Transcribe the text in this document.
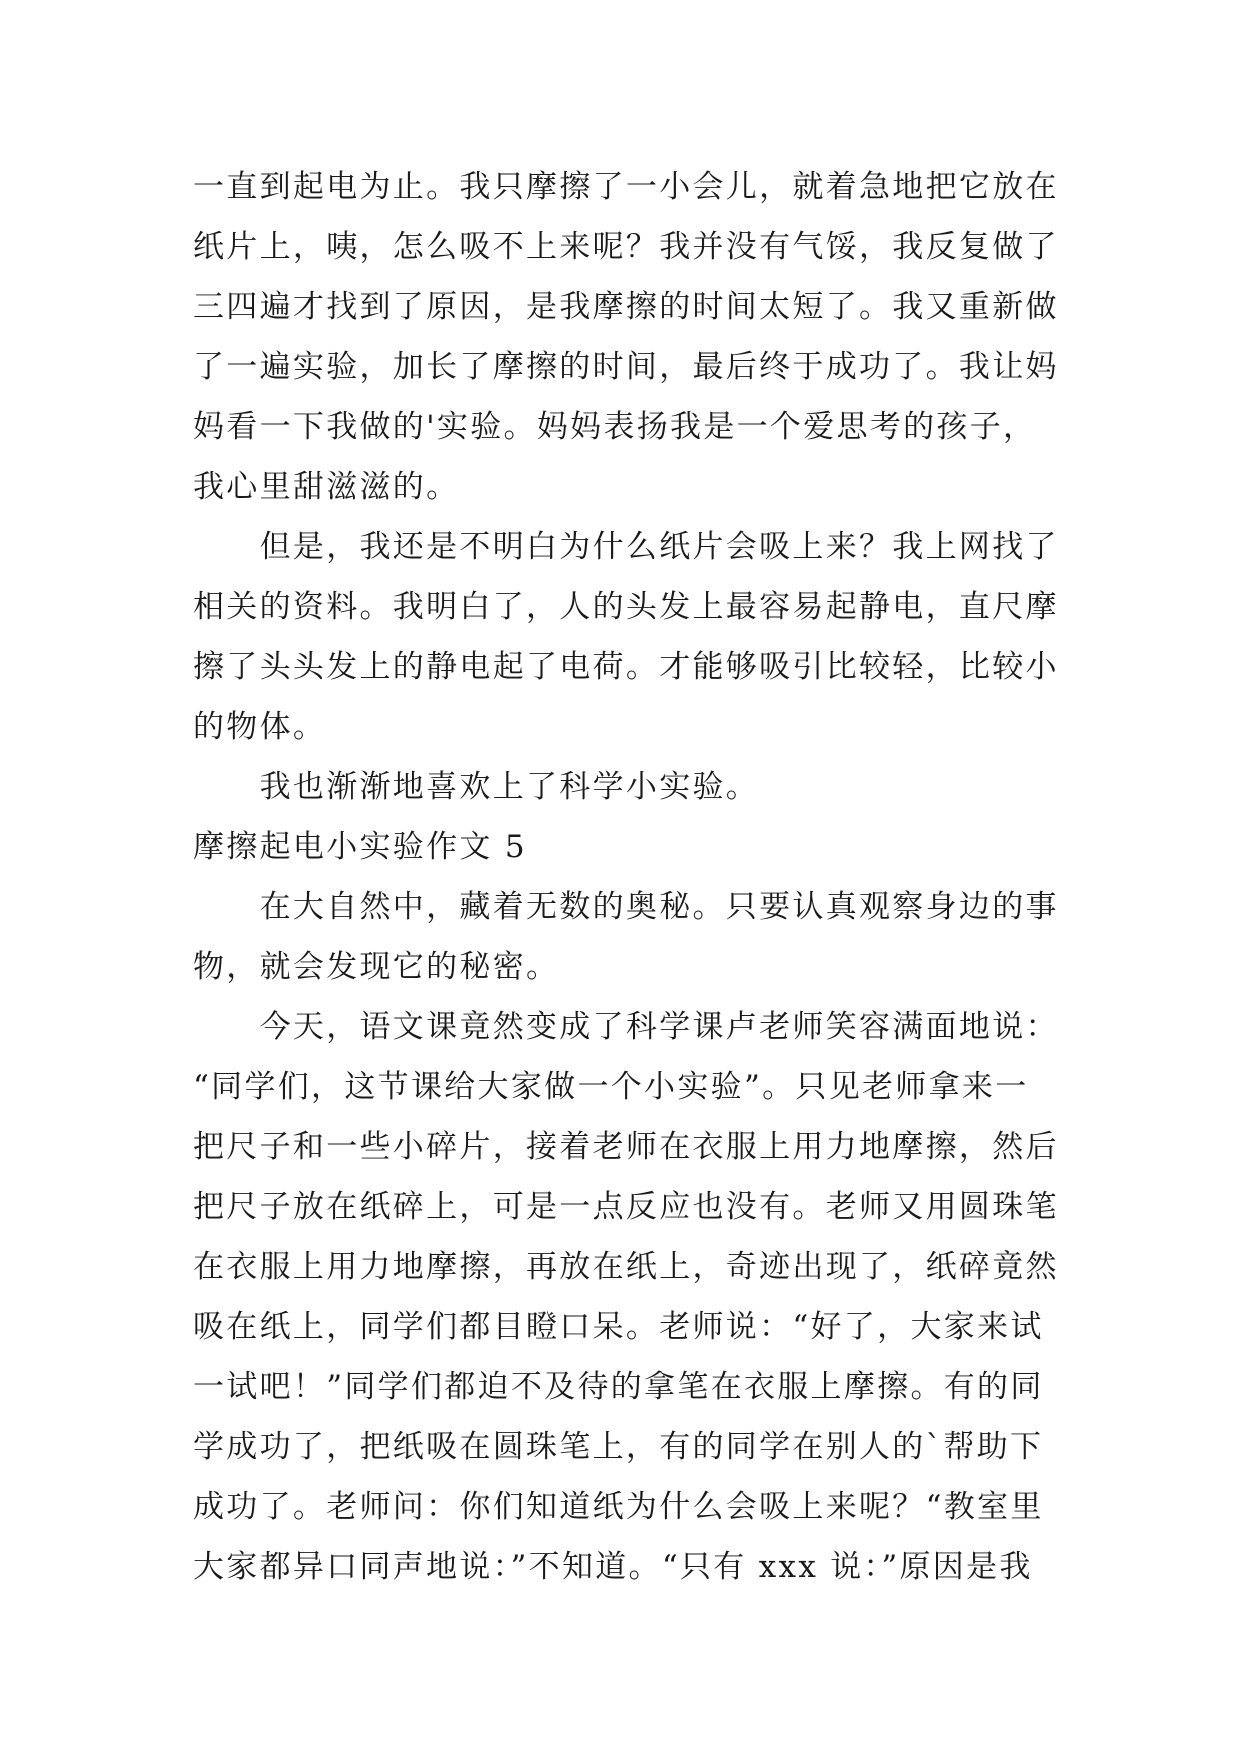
一直到起电为止。我只摩擦了一小会儿，就着急地把它放在
纸片上，咦，怎么吸不上来呢？我并没有气馁，我反复做了
三四遍才找到了原因，是我摩擦的时间太短了。我又重新做
了一遍实验，加长了摩擦的时间，最后终于成功了。我让妈
妈看一下我做的'实验。妈妈表扬我是一个爱思考的孩子，
我心里甜滋滋的。
　　但是，我还是不明白为什么纸片会吸上来？我上网找了
相关的资料。我明白了，人的头发上最容易起静电，直尺摩
擦了头头发上的静电起了电荷。才能够吸引比较轻，比较小
的物体。
　　我也渐渐地喜欢上了科学小实验。
摩擦起电小实验作文 5
　　在大自然中，藏着无数的奥秘。只要认真观察身边的事
物，就会发现它的秘密。
　　今天，语文课竟然变成了科学课卢老师笑容满面地说：
“同学们，这节课给大家做一个小实验”。只见老师拿来一
把尺子和一些小碎片，接着老师在衣服上用力地摩擦，然后
把尺子放在纸碎上，可是一点反应也没有。老师又用圆珠笔
在衣服上用力地摩擦，再放在纸上，奇迹出现了，纸碎竟然
吸在纸上，同学们都目瞪口呆。老师说：“好了，大家来试
一试吧！”同学们都迫不及待的拿笔在衣服上摩擦。有的同
学成功了，把纸吸在圆珠笔上，有的同学在别人的`帮助下
成功了。老师问：你们知道纸为什么会吸上来呢？“教室里
大家都异口同声地说：”不知道。“只有 xxx 说：”原因是我
